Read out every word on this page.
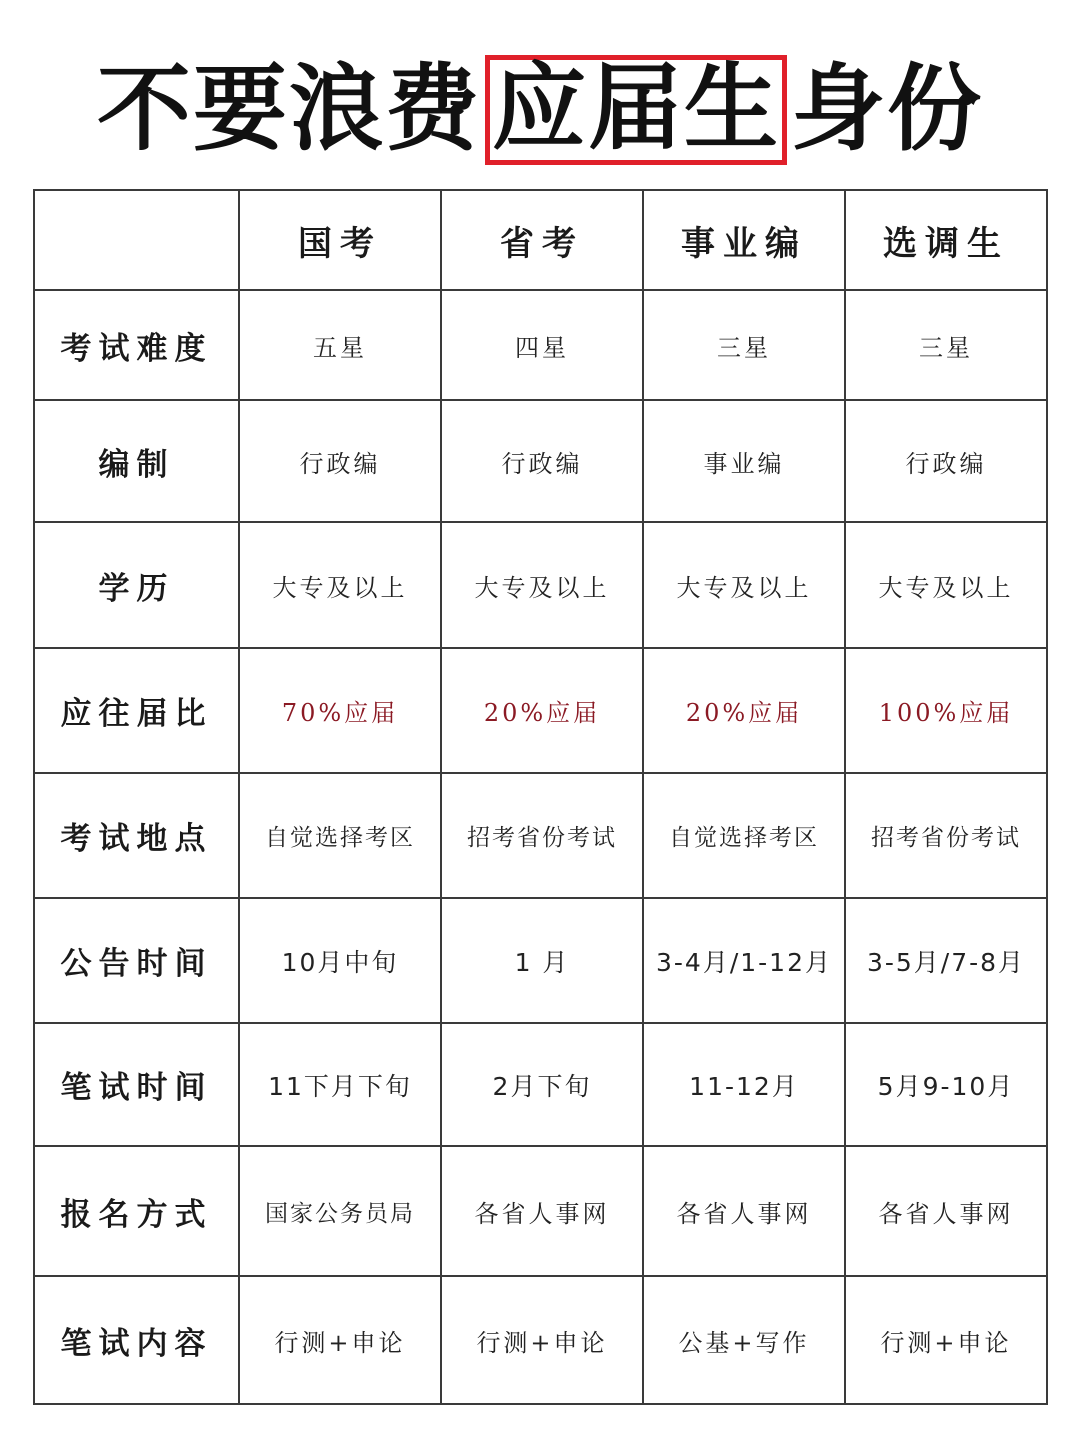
不要浪费 应届生 身份
	国考	省考	事业编	选调生
考试难度	五星	四星	三星	三星
编制	行政编	行政编	事业编	行政编
学历	大专及以上	大专及以上	大专及以上	大专及以上
应往届比	70%应届	20%应届	20%应届	100%应届
考试地点	自觉选择考区	招考省份考试	自觉选择考区	招考省份考试
公告时间	10月中旬	1 月	3-4月/1-12月	3-5月/7-8月
笔试时间	11下月下旬	2月下旬	11-12月	5月9-10月
报名方式	国家公务员局	各省人事网	各省人事网	各省人事网
笔试内容	行测+申论	行测+申论	公基+写作	行测+申论
